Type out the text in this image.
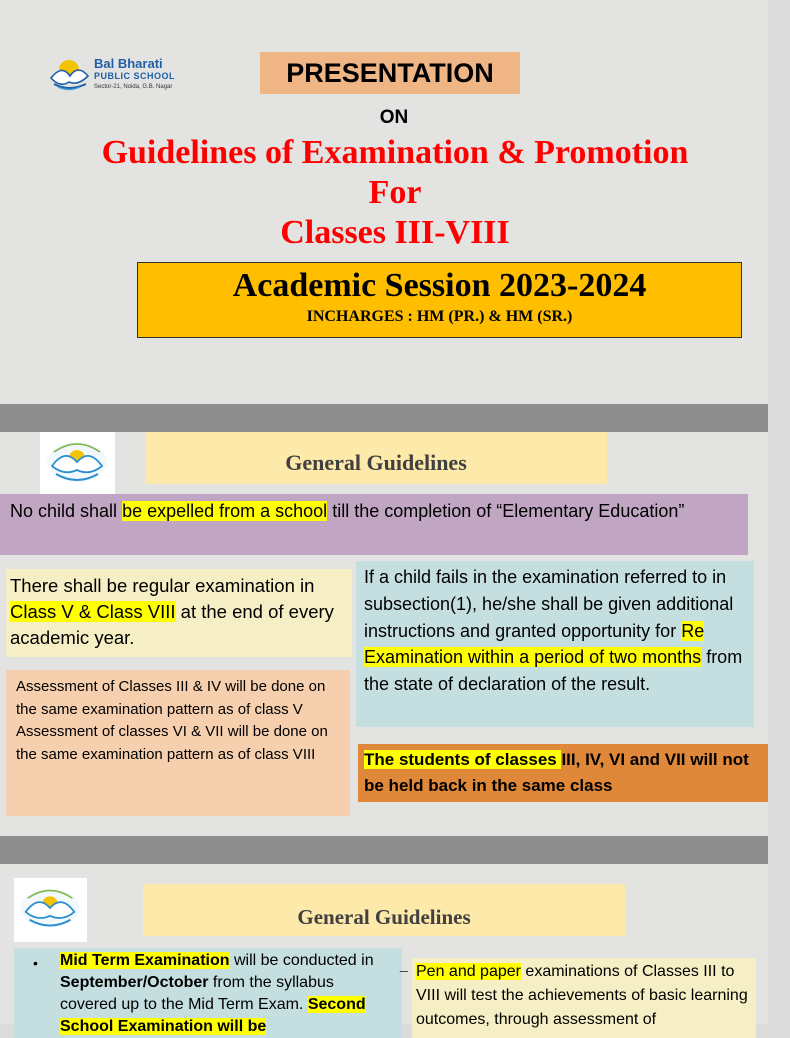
Bal Bharati
PUBLIC SCHOOL
Sector-21, Noida, G.B. Nagar	PRESENTATION
ON
Guidelines of Examination & Promotion
For
Classes III-VIII
Academic Session 2023-2024
INCHARGES : HM (PR.) & HM (SR.)
General Guidelines
No child shall be expelled from a school till the completion of “Elementary Education”
There shall be regular examination in Class V & Class VIII at the end of every academic year.
If a child fails in the examination referred to in subsection(1), he/she shall be given additional instructions and granted opportunity for Re Examination within a period of two months from the state of declaration of the result.
Assessment of Classes III & IV will be done on the same examination pattern as of class V
Assessment of classes VI & VII will be done on the same examination pattern as of class VIII	The students of classes III, IV, VI and VII will not be held back in the same class
General Guidelines
• Mid Term Examination will be conducted in September/October from the syllabus covered up to the Mid Term Exam. Second School Examination will be
_ Pen and paper examinations of Classes III to VIII will test the achievements of basic learning outcomes, through assessment of
